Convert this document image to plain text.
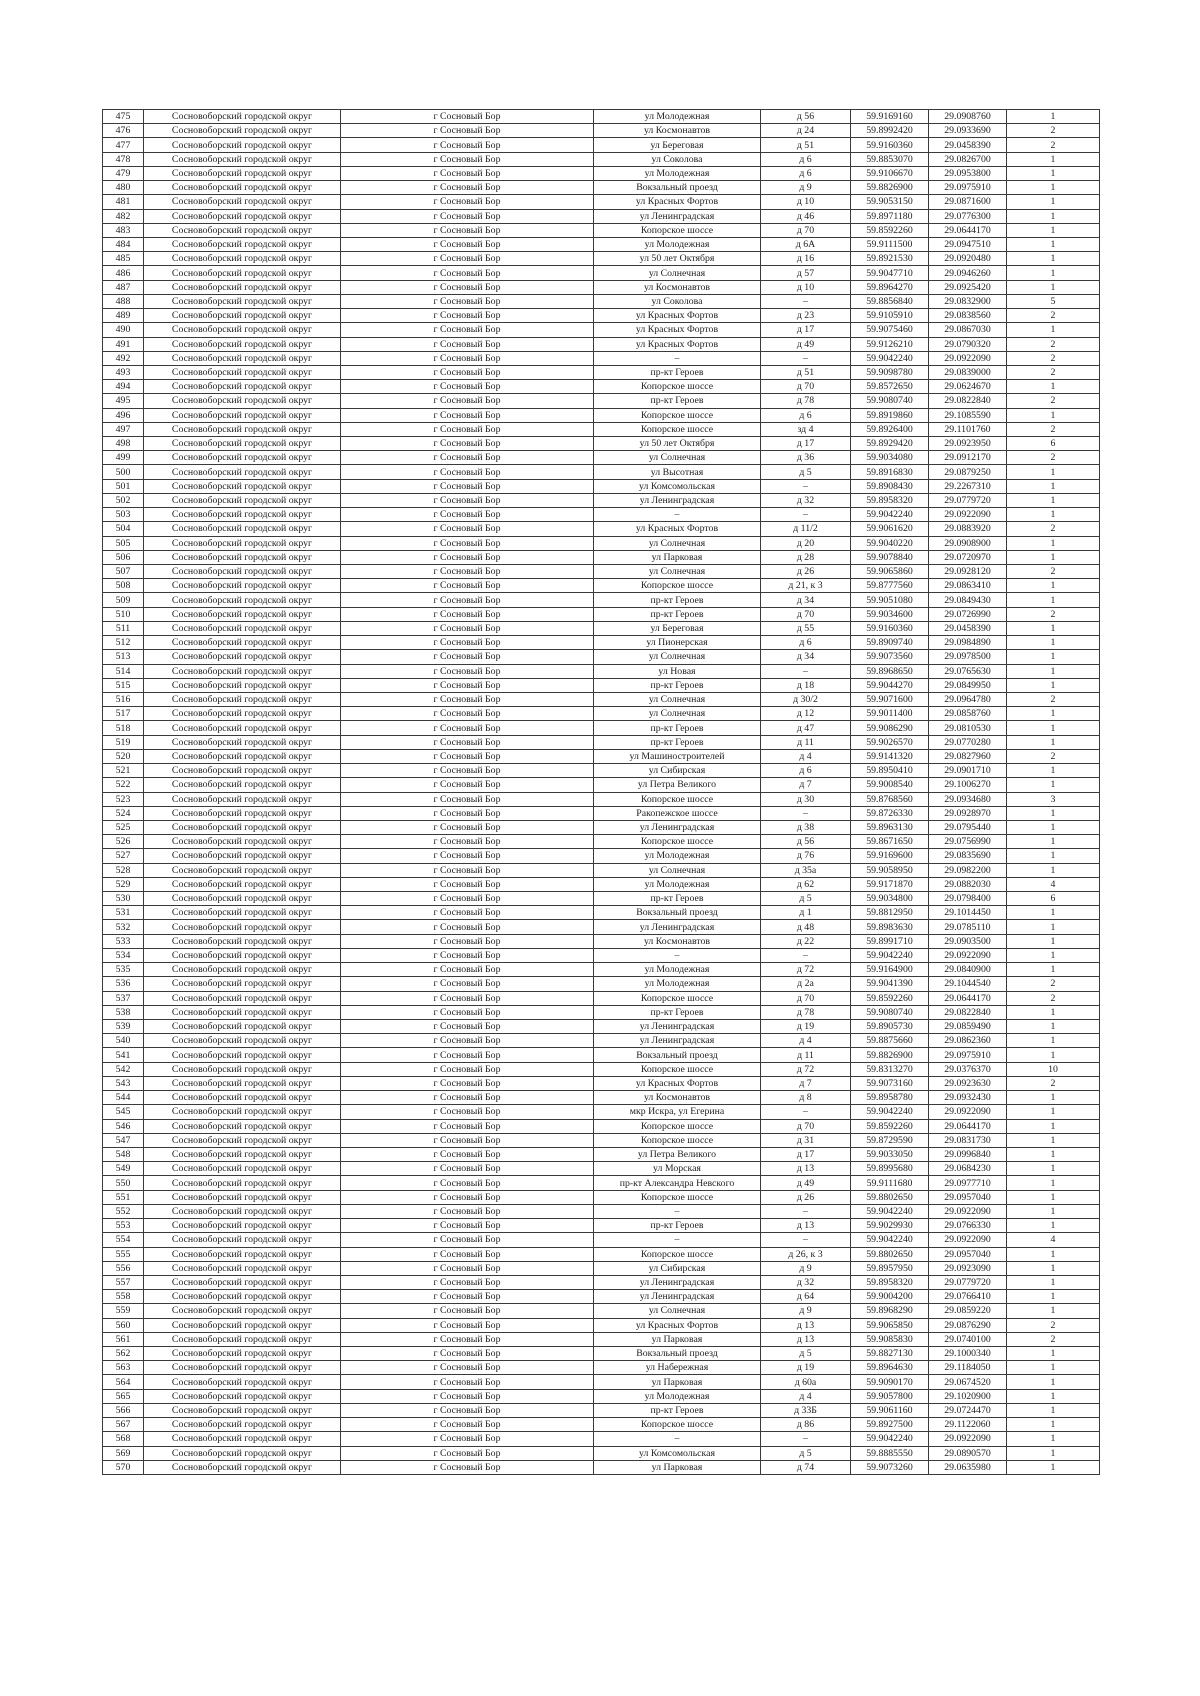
475	Сосновоборский городской округ	г Сосновый Бор	ул Молодежная	д 56	59.9169160	29.0908760	1
476	Сосновоборский городской округ	г Сосновый Бор	ул Космонавтов	д 24	59.8992420	29.0933690	2
477	Сосновоборский городской округ	г Сосновый Бор	ул Береговая	д 51	59.9160360	29.0458390	2
478	Сосновоборский городской округ	г Сосновый Бор	ул Соколова	д 6	59.8853070	29.0826700	1
479	Сосновоборский городской округ	г Сосновый Бор	ул Молодежная	д 6	59.9106670	29.0953800	1
480	Сосновоборский городской округ	г Сосновый Бор	Вокзальный проезд	д 9	59.8826900	29.0975910	1
481	Сосновоборский городской округ	г Сосновый Бор	ул Красных Фортов	д 10	59.9053150	29.0871600	1
482	Сосновоборский городской округ	г Сосновый Бор	ул Ленинградская	д 46	59.8971180	29.0776300	1
483	Сосновоборский городской округ	г Сосновый Бор	Копорское шоссе	д 70	59.8592260	29.0644170	1
484	Сосновоборский городской округ	г Сосновый Бор	ул Молодежная	д 6А	59.9111500	29.0947510	1
485	Сосновоборский городской округ	г Сосновый Бор	ул 50 лет Октября	д 16	59.8921530	29.0920480	1
486	Сосновоборский городской округ	г Сосновый Бор	ул Солнечная	д 57	59.9047710	29.0946260	1
487	Сосновоборский городской округ	г Сосновый Бор	ул Космонавтов	д 10	59.8964270	29.0925420	1
488	Сосновоборский городской округ	г Сосновый Бор	ул Соколова	–	59.8856840	29.0832900	5
489	Сосновоборский городской округ	г Сосновый Бор	ул Красных Фортов	д 23	59.9105910	29.0838560	2
490	Сосновоборский городской округ	г Сосновый Бор	ул Красных Фортов	д 17	59.9075460	29.0867030	1
491	Сосновоборский городской округ	г Сосновый Бор	ул Красных Фортов	д 49	59.9126210	29.0790320	2
492	Сосновоборский городской округ	г Сосновый Бор	–	–	59.9042240	29.0922090	2
493	Сосновоборский городской округ	г Сосновый Бор	пр-кт Героев	д 51	59.9098780	29.0839000	2
494	Сосновоборский городской округ	г Сосновый Бор	Копорское шоссе	д 70	59.8572650	29.0624670	1
495	Сосновоборский городской округ	г Сосновый Бор	пр-кт Героев	д 78	59.9080740	29.0822840	2
496	Сосновоборский городской округ	г Сосновый Бор	Копорское шоссе	д 6	59.8919860	29.1085590	1
497	Сосновоборский городской округ	г Сосновый Бор	Копорское шоссе	зд 4	59.8926400	29.1101760	2
498	Сосновоборский городской округ	г Сосновый Бор	ул 50 лет Октября	д 17	59.8929420	29.0923950	6
499	Сосновоборский городской округ	г Сосновый Бор	ул Солнечная	д 36	59.9034080	29.0912170	2
500	Сосновоборский городской округ	г Сосновый Бор	ул Высотная	д 5	59.8916830	29.0879250	1
501	Сосновоборский городской округ	г Сосновый Бор	ул Комсомольская	–	59.8908430	29.2267310	1
502	Сосновоборский городской округ	г Сосновый Бор	ул Ленинградская	д 32	59.8958320	29.0779720	1
503	Сосновоборский городской округ	г Сосновый Бор	–	–	59.9042240	29.0922090	1
504	Сосновоборский городской округ	г Сосновый Бор	ул Красных Фортов	д 11/2	59.9061620	29.0883920	2
505	Сосновоборский городской округ	г Сосновый Бор	ул Солнечная	д 20	59.9040220	29.0908900	1
506	Сосновоборский городской округ	г Сосновый Бор	ул Парковая	д 28	59.9078840	29.0720970	1
507	Сосновоборский городской округ	г Сосновый Бор	ул Солнечная	д 26	59.9065860	29.0928120	2
508	Сосновоборский городской округ	г Сосновый Бор	Копорское шоссе	д 21, к 3	59.8777560	29.0863410	1
509	Сосновоборский городской округ	г Сосновый Бор	пр-кт Героев	д 34	59.9051080	29.0849430	1
510	Сосновоборский городской округ	г Сосновый Бор	пр-кт Героев	д 70	59.9034600	29.0726990	2
511	Сосновоборский городской округ	г Сосновый Бор	ул Береговая	д 55	59.9160360	29.0458390	1
512	Сосновоборский городской округ	г Сосновый Бор	ул Пионерская	д 6	59.8909740	29.0984890	1
513	Сосновоборский городской округ	г Сосновый Бор	ул Солнечная	д 34	59.9073560	29.0978500	1
514	Сосновоборский городской округ	г Сосновый Бор	ул Новая	–	59.8968650	29.0765630	1
515	Сосновоборский городской округ	г Сосновый Бор	пр-кт Героев	д 18	59.9044270	29.0849950	1
516	Сосновоборский городской округ	г Сосновый Бор	ул Солнечная	д 30/2	59.9071600	29.0964780	2
517	Сосновоборский городской округ	г Сосновый Бор	ул Солнечная	д 12	59.9011400	29.0858760	1
518	Сосновоборский городской округ	г Сосновый Бор	пр-кт Героев	д 47	59.9086290	29.0810530	1
519	Сосновоборский городской округ	г Сосновый Бор	пр-кт Героев	д 11	59.9026570	29.0770280	1
520	Сосновоборский городской округ	г Сосновый Бор	ул Машиностроителей	д 4	59.9141320	29.0827960	2
521	Сосновоборский городской округ	г Сосновый Бор	ул Сибирская	д 6	59.8950410	29.0901710	1
522	Сосновоборский городской округ	г Сосновый Бор	ул Петра Великого	д 7	59.9008540	29.1006270	1
523	Сосновоборский городской округ	г Сосновый Бор	Копорское шоссе	д 30	59.8768560	29.0934680	3
524	Сосновоборский городской округ	г Сосновый Бор	Ракопежское шоссе	–	59.8726330	29.0928970	1
525	Сосновоборский городской округ	г Сосновый Бор	ул Ленинградская	д 38	59.8963130	29.0795440	1
526	Сосновоборский городской округ	г Сосновый Бор	Копорское шоссе	д 56	59.8671650	29.0756990	1
527	Сосновоборский городской округ	г Сосновый Бор	ул Молодежная	д 76	59.9169600	29.0835690	1
528	Сосновоборский городской округ	г Сосновый Бор	ул Солнечная	д 35а	59.9058950	29.0982200	1
529	Сосновоборский городской округ	г Сосновый Бор	ул Молодежная	д 62	59.9171870	29.0882030	4
530	Сосновоборский городской округ	г Сосновый Бор	пр-кт Героев	д 5	59.9034800	29.0798400	6
531	Сосновоборский городской округ	г Сосновый Бор	Вокзальный проезд	д 1	59.8812950	29.1014450	1
532	Сосновоборский городской округ	г Сосновый Бор	ул Ленинградская	д 48	59.8983630	29.0785110	1
533	Сосновоборский городской округ	г Сосновый Бор	ул Космонавтов	д 22	59.8991710	29.0903500	1
534	Сосновоборский городской округ	г Сосновый Бор	–	–	59.9042240	29.0922090	1
535	Сосновоборский городской округ	г Сосновый Бор	ул Молодежная	д 72	59.9164900	29.0840900	1
536	Сосновоборский городской округ	г Сосновый Бор	ул Молодежная	д 2а	59.9041390	29.1044540	2
537	Сосновоборский городской округ	г Сосновый Бор	Копорское шоссе	д 70	59.8592260	29.0644170	2
538	Сосновоборский городской округ	г Сосновый Бор	пр-кт Героев	д 78	59.9080740	29.0822840	1
539	Сосновоборский городской округ	г Сосновый Бор	ул Ленинградская	д 19	59.8905730	29.0859490	1
540	Сосновоборский городской округ	г Сосновый Бор	ул Ленинградская	д 4	59.8875660	29.0862360	1
541	Сосновоборский городской округ	г Сосновый Бор	Вокзальный проезд	д 11	59.8826900	29.0975910	1
542	Сосновоборский городской округ	г Сосновый Бор	Копорское шоссе	д 72	59.8313270	29.0376370	10
543	Сосновоборский городской округ	г Сосновый Бор	ул Красных Фортов	д 7	59.9073160	29.0923630	2
544	Сосновоборский городской округ	г Сосновый Бор	ул Космонавтов	д 8	59.8958780	29.0932430	1
545	Сосновоборский городской округ	г Сосновый Бор	мкр Искра, ул Егерина	–	59.9042240	29.0922090	1
546	Сосновоборский городской округ	г Сосновый Бор	Копорское шоссе	д 70	59.8592260	29.0644170	1
547	Сосновоборский городской округ	г Сосновый Бор	Копорское шоссе	д 31	59.8729590	29.0831730	1
548	Сосновоборский городской округ	г Сосновый Бор	ул Петра Великого	д 17	59.9033050	29.0996840	1
549	Сосновоборский городской округ	г Сосновый Бор	ул Морская	д 13	59.8995680	29.0684230	1
550	Сосновоборский городской округ	г Сосновый Бор	пр-кт Александра Невского	д 49	59.9111680	29.0977710	1
551	Сосновоборский городской округ	г Сосновый Бор	Копорское шоссе	д 26	59.8802650	29.0957040	1
552	Сосновоборский городской округ	г Сосновый Бор	–	–	59.9042240	29.0922090	1
553	Сосновоборский городской округ	г Сосновый Бор	пр-кт Героев	д 13	59.9029930	29.0766330	1
554	Сосновоборский городской округ	г Сосновый Бор	–	–	59.9042240	29.0922090	4
555	Сосновоборский городской округ	г Сосновый Бор	Копорское шоссе	д 26, к 3	59.8802650	29.0957040	1
556	Сосновоборский городской округ	г Сосновый Бор	ул Сибирская	д 9	59.8957950	29.0923090	1
557	Сосновоборский городской округ	г Сосновый Бор	ул Ленинградская	д 32	59.8958320	29.0779720	1
558	Сосновоборский городской округ	г Сосновый Бор	ул Ленинградская	д 64	59.9004200	29.0766410	1
559	Сосновоборский городской округ	г Сосновый Бор	ул Солнечная	д 9	59.8968290	29.0859220	1
560	Сосновоборский городской округ	г Сосновый Бор	ул Красных Фортов	д 13	59.9065850	29.0876290	2
561	Сосновоборский городской округ	г Сосновый Бор	ул Парковая	д 13	59.9085830	29.0740100	2
562	Сосновоборский городской округ	г Сосновый Бор	Вокзальный проезд	д 5	59.8827130	29.1000340	1
563	Сосновоборский городской округ	г Сосновый Бор	ул Набережная	д 19	59.8964630	29.1184050	1
564	Сосновоборский городской округ	г Сосновый Бор	ул Парковая	д 60а	59.9090170	29.0674520	1
565	Сосновоборский городской округ	г Сосновый Бор	ул Молодежная	д 4	59.9057800	29.1020900	1
566	Сосновоборский городской округ	г Сосновый Бор	пр-кт Героев	д 33Б	59.9061160	29.0724470	1
567	Сосновоборский городской округ	г Сосновый Бор	Копорское шоссе	д 86	59.8927500	29.1122060	1
568	Сосновоборский городской округ	г Сосновый Бор	–	–	59.9042240	29.0922090	1
569	Сосновоборский городской округ	г Сосновый Бор	ул Комсомольская	д 5	59.8885550	29.0890570	1
570	Сосновоборский городской округ	г Сосновый Бор	ул Парковая	д 74	59.9073260	29.0635980	1
